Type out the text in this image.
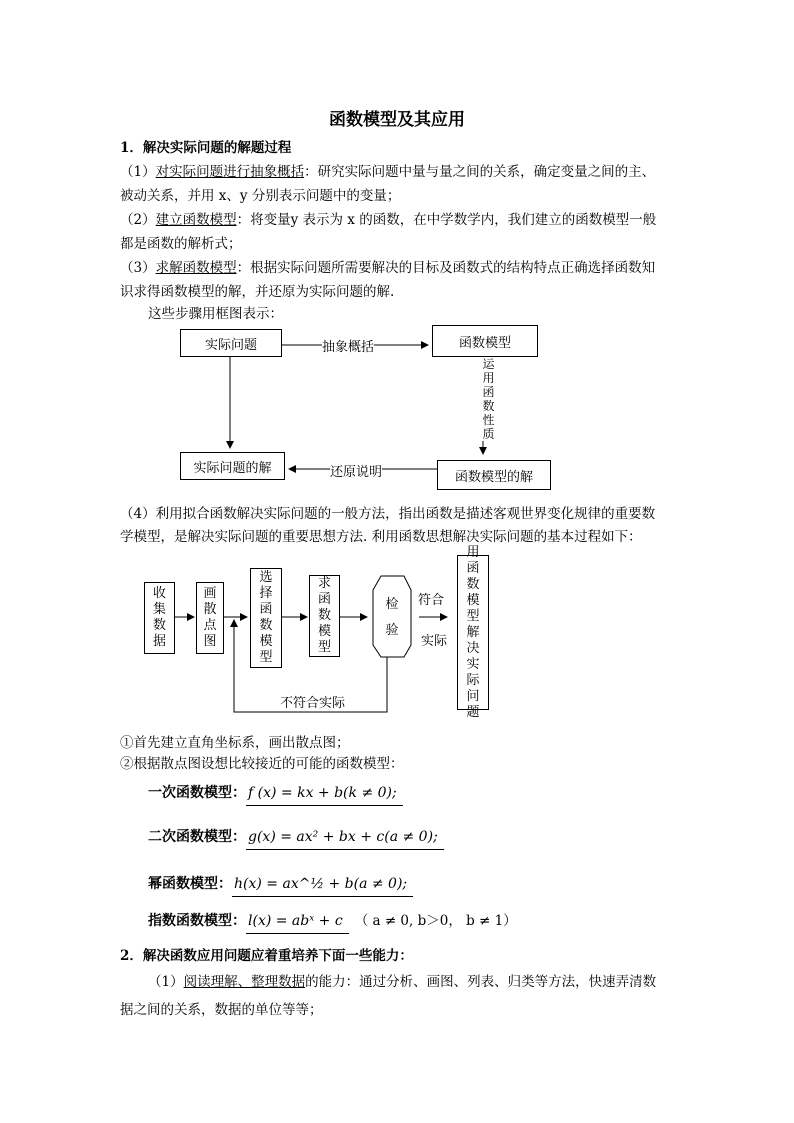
函数模型及其应用
1．解决实际问题的解题过程
（1）对实际问题进行抽象概括：研究实际问题中量与量之间的关系，确定变量之间的主、
被动关系，并用 x、y 分别表示问题中的变量；
（2）建立函数模型：将变量y 表示为 x 的函数，在中学数学内，我们建立的函数模型一般
都是函数的解析式；
（3）求解函数模型：根据实际问题所需要解决的目标及函数式的结构特点正确选择函数知
识求得函数模型的解，并还原为实际问题的解.
这些步骤用框图表示：
实际问题	函数模型
实际问题的解
函数模型的解
抽象概括
还原说明
运用函数性质
（4）利用拟合函数解决实际问题的一般方法，指出函数是描述客观世界变化规律的重要数
学模型，是解决实际问题的重要思想方法. 利用函数思想解决实际问题的基本过程如下：
收集数据
画散点图
选择函数模型
求函数模型
检验
符合
实际
用函数模型解决实际问题
不符合实际
①首先建立直角坐标系，画出散点图；
②根据散点图设想比较接近的可能的函数模型：
一次函数模型： f (x) = kx + b(k ≠ 0);
二次函数模型： g(x) = ax² + bx + c(a ≠ 0);
幂函数模型： h(x) = ax^½ + b(a ≠ 0);
指数函数模型： l(x) = abˣ + c （ a ≠ 0, b＞0， b ≠ 1）
2．解决函数应用问题应着重培养下面一些能力：
（1）阅读理解、整理数据的能力：通过分析、画图、列表、归类等方法，快速弄清数
据之间的关系，数据的单位等等；
